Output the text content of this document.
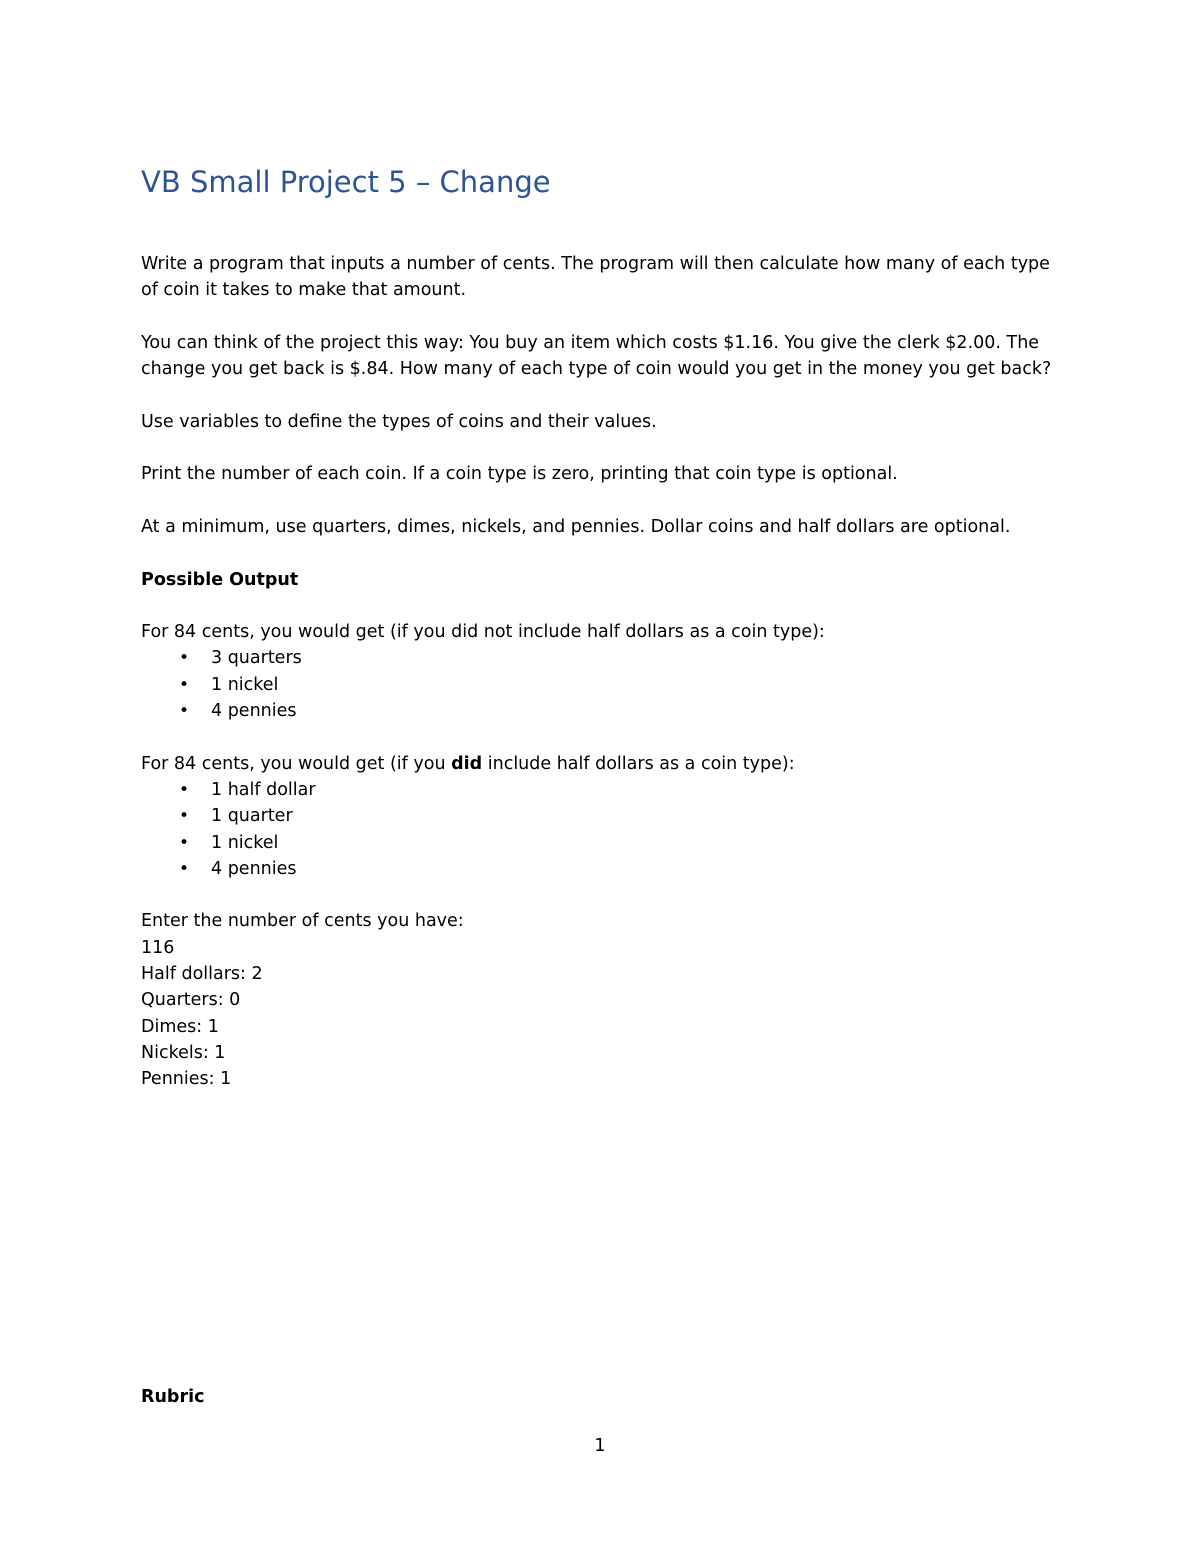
VB Small Project 5 – Change

Write a program that inputs a number of cents. The program will then calculate how many of each type of coin it takes to make that amount.

You can think of the project this way: You buy an item which costs $1.16. You give the clerk $2.00. The change you get back is $.84. How many of each type of coin would you get in the money you get back?

Use variables to define the types of coins and their values.

Print the number of each coin. If a coin type is zero, printing that coin type is optional.

At a minimum, use quarters, dimes, nickels, and pennies. Dollar coins and half dollars are optional.

Possible Output

For 84 cents, you would get (if you did not include half dollars as a coin type):

• 3 quarters
• 1 nickel
• 4 pennies

For 84 cents, you would get (if you did include half dollars as a coin type):

• 1 half dollar
• 1 quarter
• 1 nickel
• 4 pennies
Enter the number of cents you have:
116
Half dollars: 2
Quarters: 0
Dimes: 1
Nickels: 1
Pennies: 1
Rubric
1
